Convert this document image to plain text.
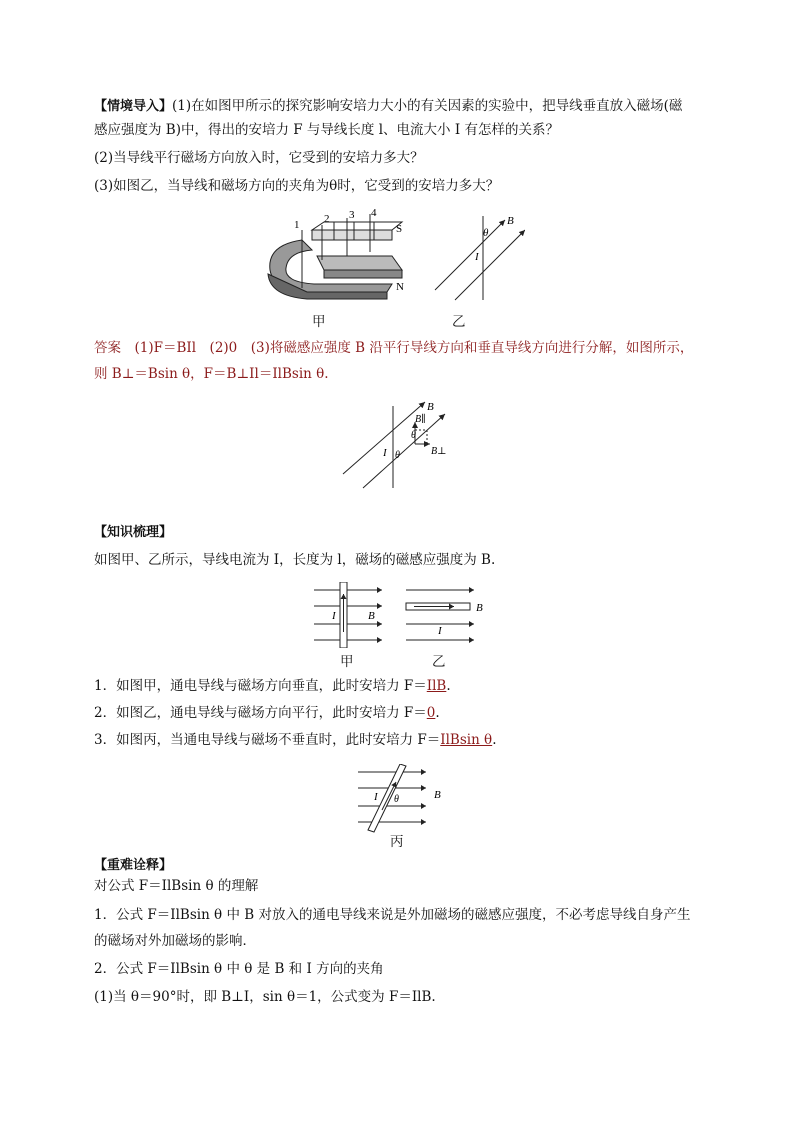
【情境导入】(1)在如图甲所示的探究影响安培力大小的有关因素的实验中，把导线垂直放入磁场(磁
感应强度为 B)中，得出的安培力 F 与导线长度 l、电流大小 I 有怎样的关系？
(2)当导线平行磁场方向放入时，它受到的安培力多大？
(3)如图乙，当导线和磁场方向的夹角为θ时，它受到的安培力多大？
1 2 3 4
S
N
甲
B
θ
I
乙
答案　 (1)F＝BIl　(2)0　(3)将磁感应强度 B 沿平行导线方向和垂直导线方向进行分解，如图所示，
则 B⊥＝Bsin θ，F＝B⊥Il＝IlBsin θ.
B
B∥
θ
I θ	B⊥
【知识梳理】
如图甲、乙所示，导线电流为 I，长度为 l，磁场的磁感应强度为 B.
I	B
甲
B
I
乙
1．如图甲，通电导线与磁场方向垂直，此时安培力 F＝IlB.
2．如图乙，通电导线与磁场方向平行，此时安培力 F＝0.
3．如图丙，当通电导线与磁场不垂直时，此时安培力 F＝IlBsin θ.
I θ	B
丙
【重难诠释】
对公式 F＝IlBsin θ 的理解
1．公式 F＝IlBsin θ 中 B 对放入的通电导线来说是外加磁场的磁感应强度，不必考虑导线自身产生
的磁场对外加磁场的影响．
2．公式 F＝IlBsin θ 中 θ 是 B 和 I 方向的夹角
(1)当 θ＝90°时，即 B⊥I，sin θ＝1，公式变为 F＝IlB.
